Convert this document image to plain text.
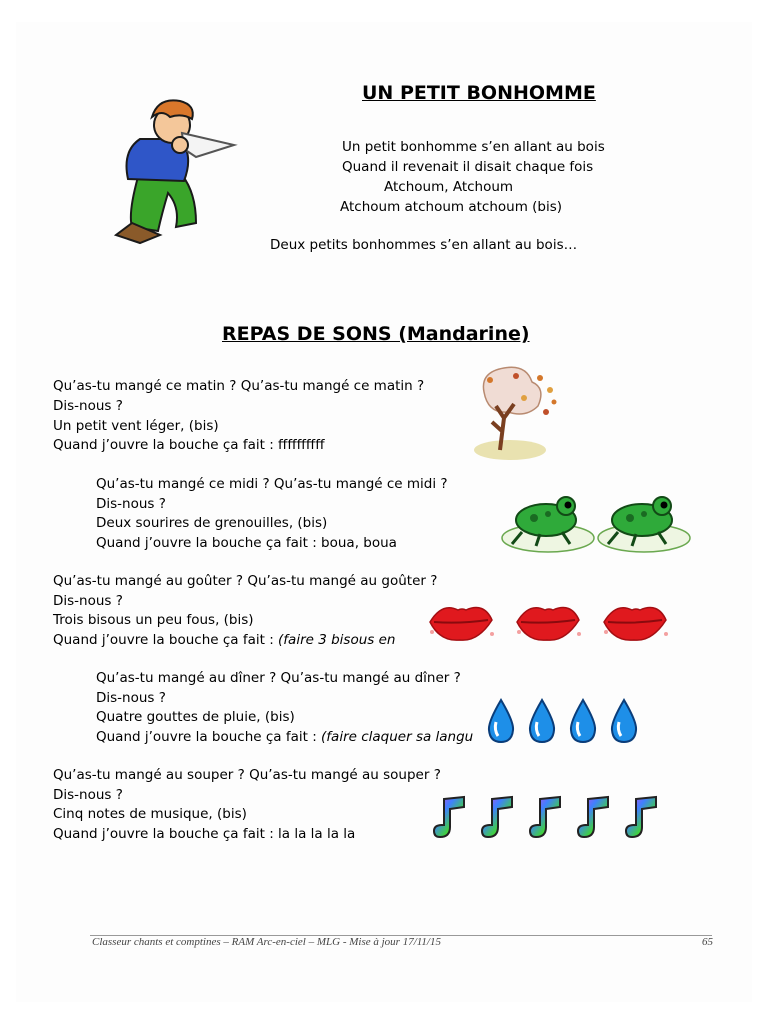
UN PETIT BONHOMME
Un petit bonhomme s’en allant au bois
Quand il revenait il disait chaque fois
Atchoum, Atchoum
Atchoum atchoum atchoum (bis)
Deux petits bonhommes s’en allant au bois…
REPAS DE SONS (Mandarine)
Qu’as-tu mangé ce matin ? Qu’as-tu mangé ce matin ?
Dis-nous ?
Un petit vent léger, (bis)
Quand j’ouvre la bouche ça fait : ffffffffff
Qu’as-tu mangé ce midi ? Qu’as-tu mangé ce midi ?
Dis-nous ?
Deux sourires de grenouilles, (bis)
Quand j’ouvre la bouche ça fait : boua, boua
Qu’as-tu mangé au goûter ? Qu’as-tu mangé au goûter ?
Dis-nous ?
Trois bisous un peu fous, (bis)
Quand j’ouvre la bouche ça fait : (faire 3 bisous en
Qu’as-tu mangé au dîner ? Qu’as-tu mangé au dîner ?
Dis-nous ?
Quatre gouttes de pluie, (bis)
Quand j’ouvre la bouche ça fait : (faire claquer sa langu
Qu’as-tu mangé au souper ? Qu’as-tu mangé au souper ?
Dis-nous ?
Cinq notes de musique, (bis)
Quand j’ouvre la bouche ça fait : la la la la la
Classeur chants et comptines – RAM Arc-en-ciel – MLG - Mise à jour 17/11/15	65
